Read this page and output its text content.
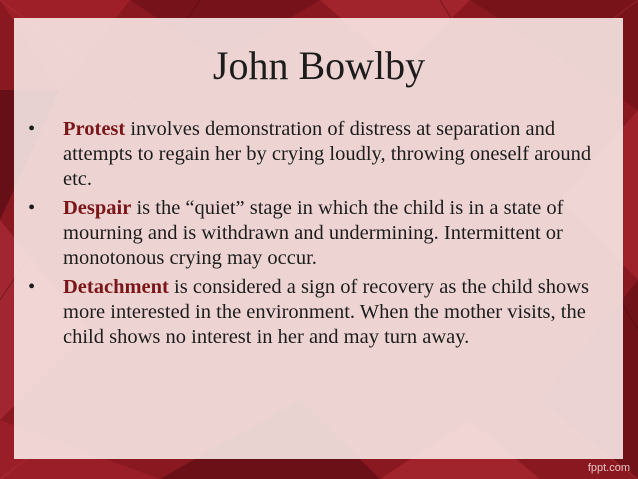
John Bowlby
• Protest involves demonstration of distress at separation and attempts to regain her by crying loudly, throwing oneself around etc.
• Despair is the “quiet” stage in which the child is in a state of mourning and is withdrawn and undermining. Intermittent or monotonous crying may occur.
• Detachment is considered a sign of recovery as the child shows more interested in the environment. When the mother visits, the child shows no interest in her and may turn away.
fppt.com
